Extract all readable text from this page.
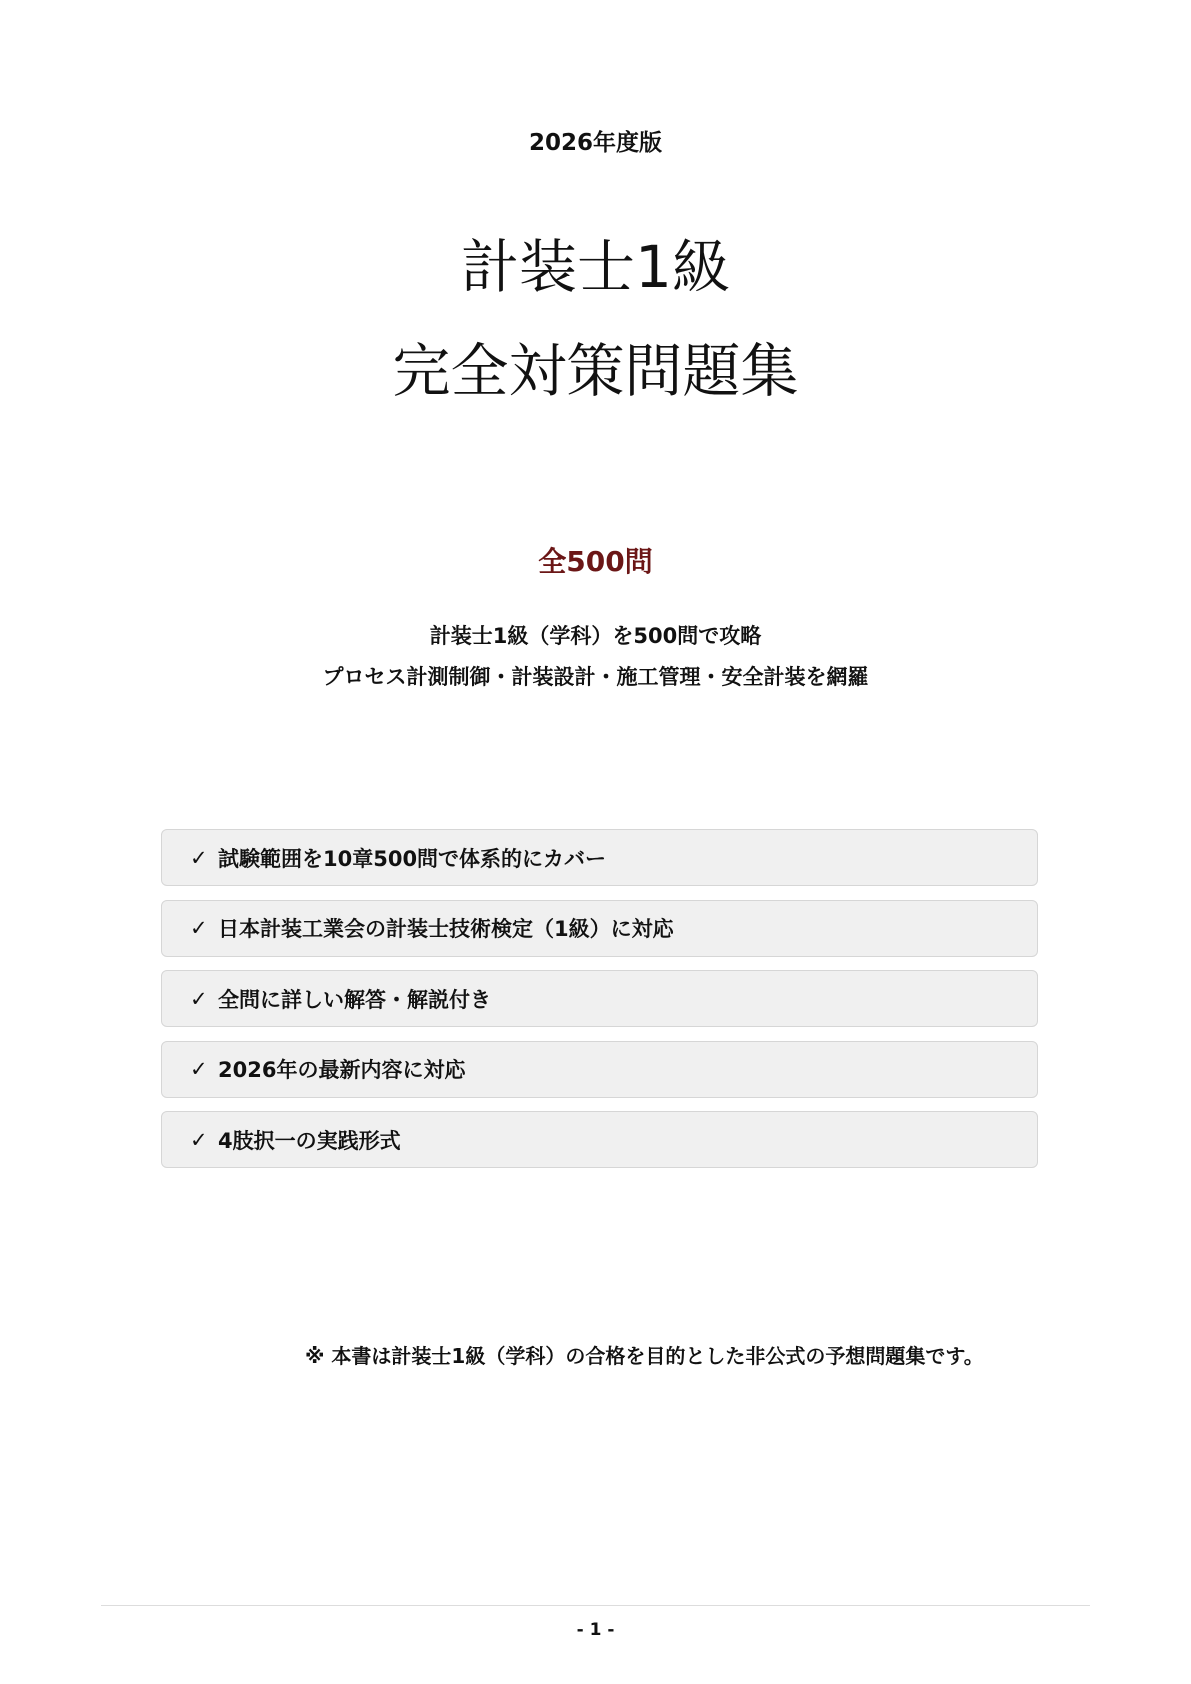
2026年度版
計装士1級
完全対策問題集
全500問
計装士1級（学科）を500問で攻略
プロセス計測制御・計装設計・施工管理・安全計装を網羅
✓ 試験範囲を10章500問で体系的にカバー
✓ 日本計装工業会の計装士技術検定（1級）に対応
✓ 全問に詳しい解答・解説付き
✓ 2026年の最新内容に対応
✓ 4肢択一の実践形式
※ 本書は計装士1級（学科）の合格を目的とした非公式の予想問題集です。
- 1 -
